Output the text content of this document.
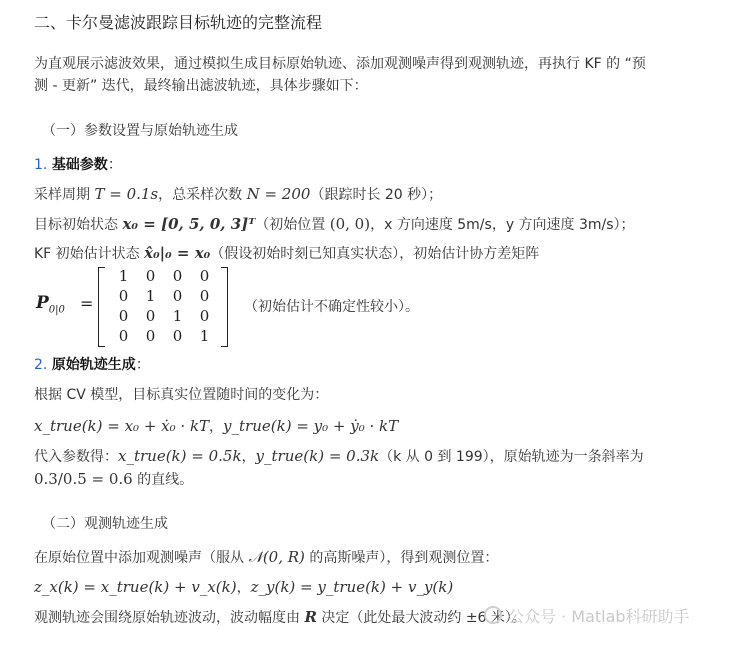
二、卡尔曼滤波跟踪目标轨迹的完整流程
为直观展示滤波效果，通过模拟生成目标原始轨迹、添加观测噪声得到观测轨迹，再执行 KF 的 “预
测 - 更新” 迭代，最终输出滤波轨迹，具体步骤如下：
（一）参数设置与原始轨迹生成
1. 基础参数：
采样周期 T = 0.1s，总采样次数 N = 200（跟踪时长 20 秒）；
目标初始状态 x₀ = [0, 5, 0, 3]ᵀ（初始位置 (0, 0)，x 方向速度 5m/s，y 方向速度 3m/s）；
KF 初始估计状态 x̂₀|₀ = x₀（假设初始时刻已知真实状态），初始估计协方差矩阵
$P_{0|0}$ =
1	0	0	0
0	1	0	0
0	0	1	0
0	0	0	1
（初始估计不确定性较小）。
2. 原始轨迹生成：
根据 CV 模型，目标真实位置随时间的变化为：
x_true(k) = x₀ + ẋ₀ · kT，y_true(k) = y₀ + ẏ₀ · kT
代入参数得：x_true(k) = 0.5k，y_true(k) = 0.3k（k 从 0 到 199），原始轨迹为一条斜率为
0.3/0.5 = 0.6 的直线。
（二）观测轨迹生成
在原始位置中添加观测噪声（服从 𝒩(0, R) 的高斯噪声），得到观测位置：
z_x(k) = x_true(k) + v_x(k)，z_y(k) = y_true(k) + v_y(k)
观测轨迹会围绕原始轨迹波动，波动幅度由 R 决定（此处最大波动约 ±6 米）。
公众号 · Matlab科研助手
